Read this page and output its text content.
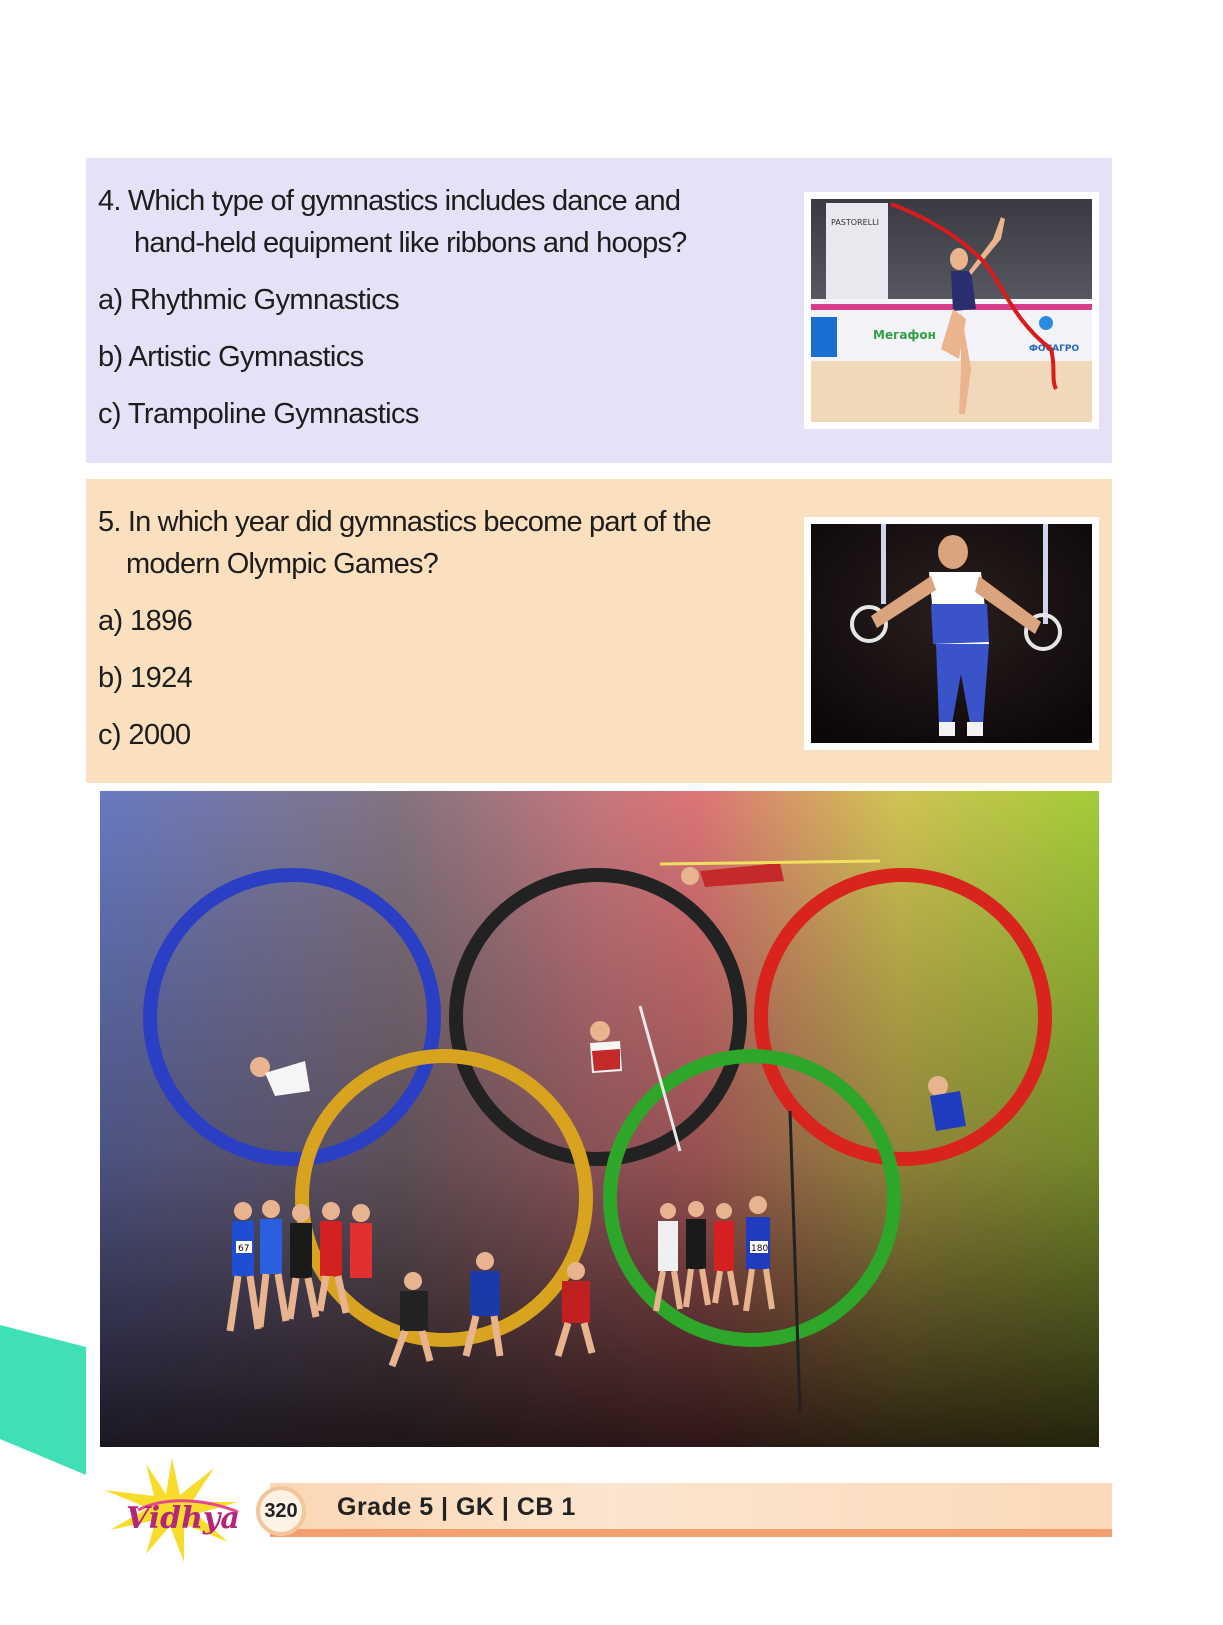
4. Which type of gymnastics includes dance and
hand-held equipment like ribbons and hoops?
a) Rhythmic Gymnastics
b) Artistic Gymnastics
c) Trampoline Gymnastics
PASTORELLI
Мегафон
ФОСАГРО
5. In which year did gymnastics become part of the
modern Olympic Games?
a) 1896
b) 1924
c) 2000
67	180
Vidhya	320	Grade 5 | GK | CB 1
